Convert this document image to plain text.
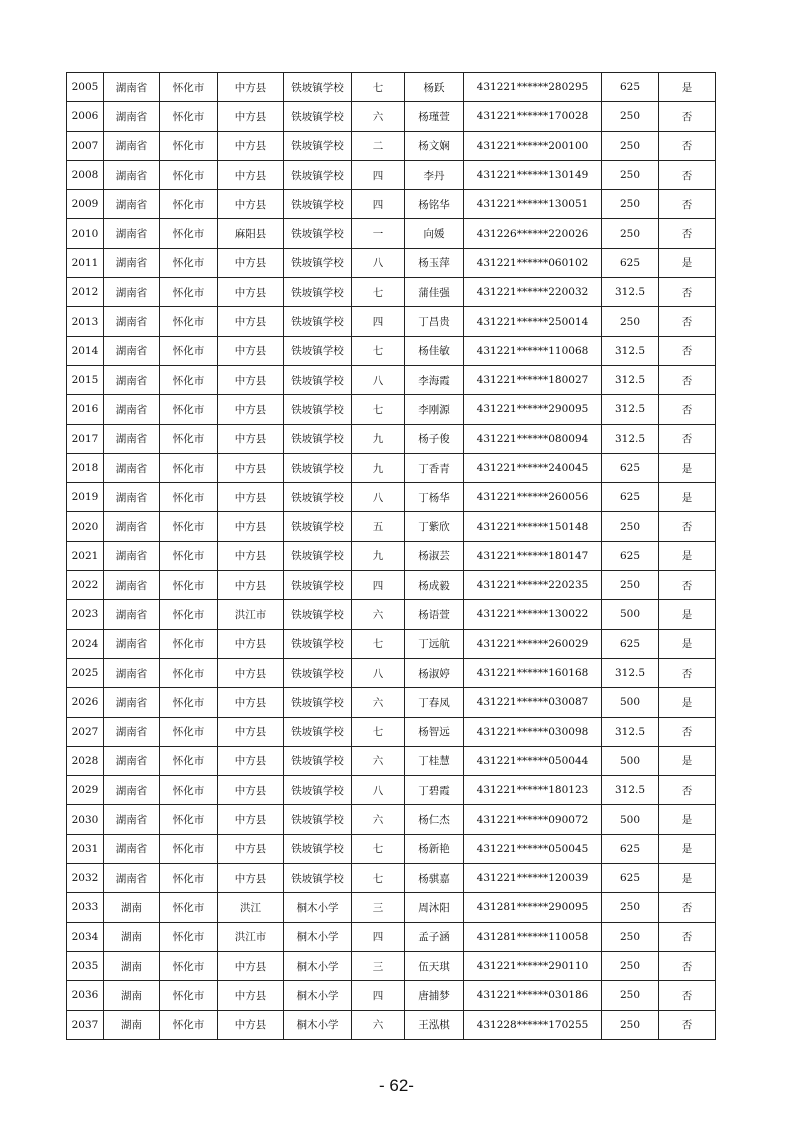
2005	湖南省	怀化市	中方县	铁坡镇学校	七	杨跃	431221******280295	625	是
2006	湖南省	怀化市	中方县	铁坡镇学校	六	杨瑾萱	431221******170028	250	否
2007	湖南省	怀化市	中方县	铁坡镇学校	二	杨文娴	431221******200100	250	否
2008	湖南省	怀化市	中方县	铁坡镇学校	四	李丹	431221******130149	250	否
2009	湖南省	怀化市	中方县	铁坡镇学校	四	杨铭华	431221******130051	250	否
2010	湖南省	怀化市	麻阳县	铁坡镇学校	一	向媛	431226******220026	250	否
2011	湖南省	怀化市	中方县	铁坡镇学校	八	杨玉萍	431221******060102	625	是
2012	湖南省	怀化市	中方县	铁坡镇学校	七	蒲佳强	431221******220032	312.5	否
2013	湖南省	怀化市	中方县	铁坡镇学校	四	丁昌贵	431221******250014	250	否
2014	湖南省	怀化市	中方县	铁坡镇学校	七	杨佳敏	431221******110068	312.5	否
2015	湖南省	怀化市	中方县	铁坡镇学校	八	李海霞	431221******180027	312.5	否
2016	湖南省	怀化市	中方县	铁坡镇学校	七	李刚源	431221******290095	312.5	否
2017	湖南省	怀化市	中方县	铁坡镇学校	九	杨子俊	431221******080094	312.5	否
2018	湖南省	怀化市	中方县	铁坡镇学校	九	丁香青	431221******240045	625	是
2019	湖南省	怀化市	中方县	铁坡镇学校	八	丁杨华	431221******260056	625	是
2020	湖南省	怀化市	中方县	铁坡镇学校	五	丁紫欣	431221******150148	250	否
2021	湖南省	怀化市	中方县	铁坡镇学校	九	杨淑芸	431221******180147	625	是
2022	湖南省	怀化市	中方县	铁坡镇学校	四	杨成毅	431221******220235	250	否
2023	湖南省	怀化市	洪江市	铁坡镇学校	六	杨语萱	431221******130022	500	是
2024	湖南省	怀化市	中方县	铁坡镇学校	七	丁远航	431221******260029	625	是
2025	湖南省	怀化市	中方县	铁坡镇学校	八	杨淑婷	431221******160168	312.5	否
2026	湖南省	怀化市	中方县	铁坡镇学校	六	丁春凤	431221******030087	500	是
2027	湖南省	怀化市	中方县	铁坡镇学校	七	杨智远	431221******030098	312.5	否
2028	湖南省	怀化市	中方县	铁坡镇学校	六	丁桂慧	431221******050044	500	是
2029	湖南省	怀化市	中方县	铁坡镇学校	八	丁碧霞	431221******180123	312.5	否
2030	湖南省	怀化市	中方县	铁坡镇学校	六	杨仁杰	431221******090072	500	是
2031	湖南省	怀化市	中方县	铁坡镇学校	七	杨新艳	431221******050045	625	是
2032	湖南省	怀化市	中方县	铁坡镇学校	七	杨骐嘉	431221******120039	625	是
2033	湖南	怀化市	洪江	桐木小学	三	周沐阳	431281******290095	250	否
2034	湖南	怀化市	洪江市	桐木小学	四	孟子涵	431281******110058	250	否
2035	湖南	怀化市	中方县	桐木小学	三	伍天琪	431221******290110	250	否
2036	湖南	怀化市	中方县	桐木小学	四	唐捕梦	431221******030186	250	否
2037	湖南	怀化市	中方县	桐木小学	六	王泓棋	431228******170255	250	否
- 62-
